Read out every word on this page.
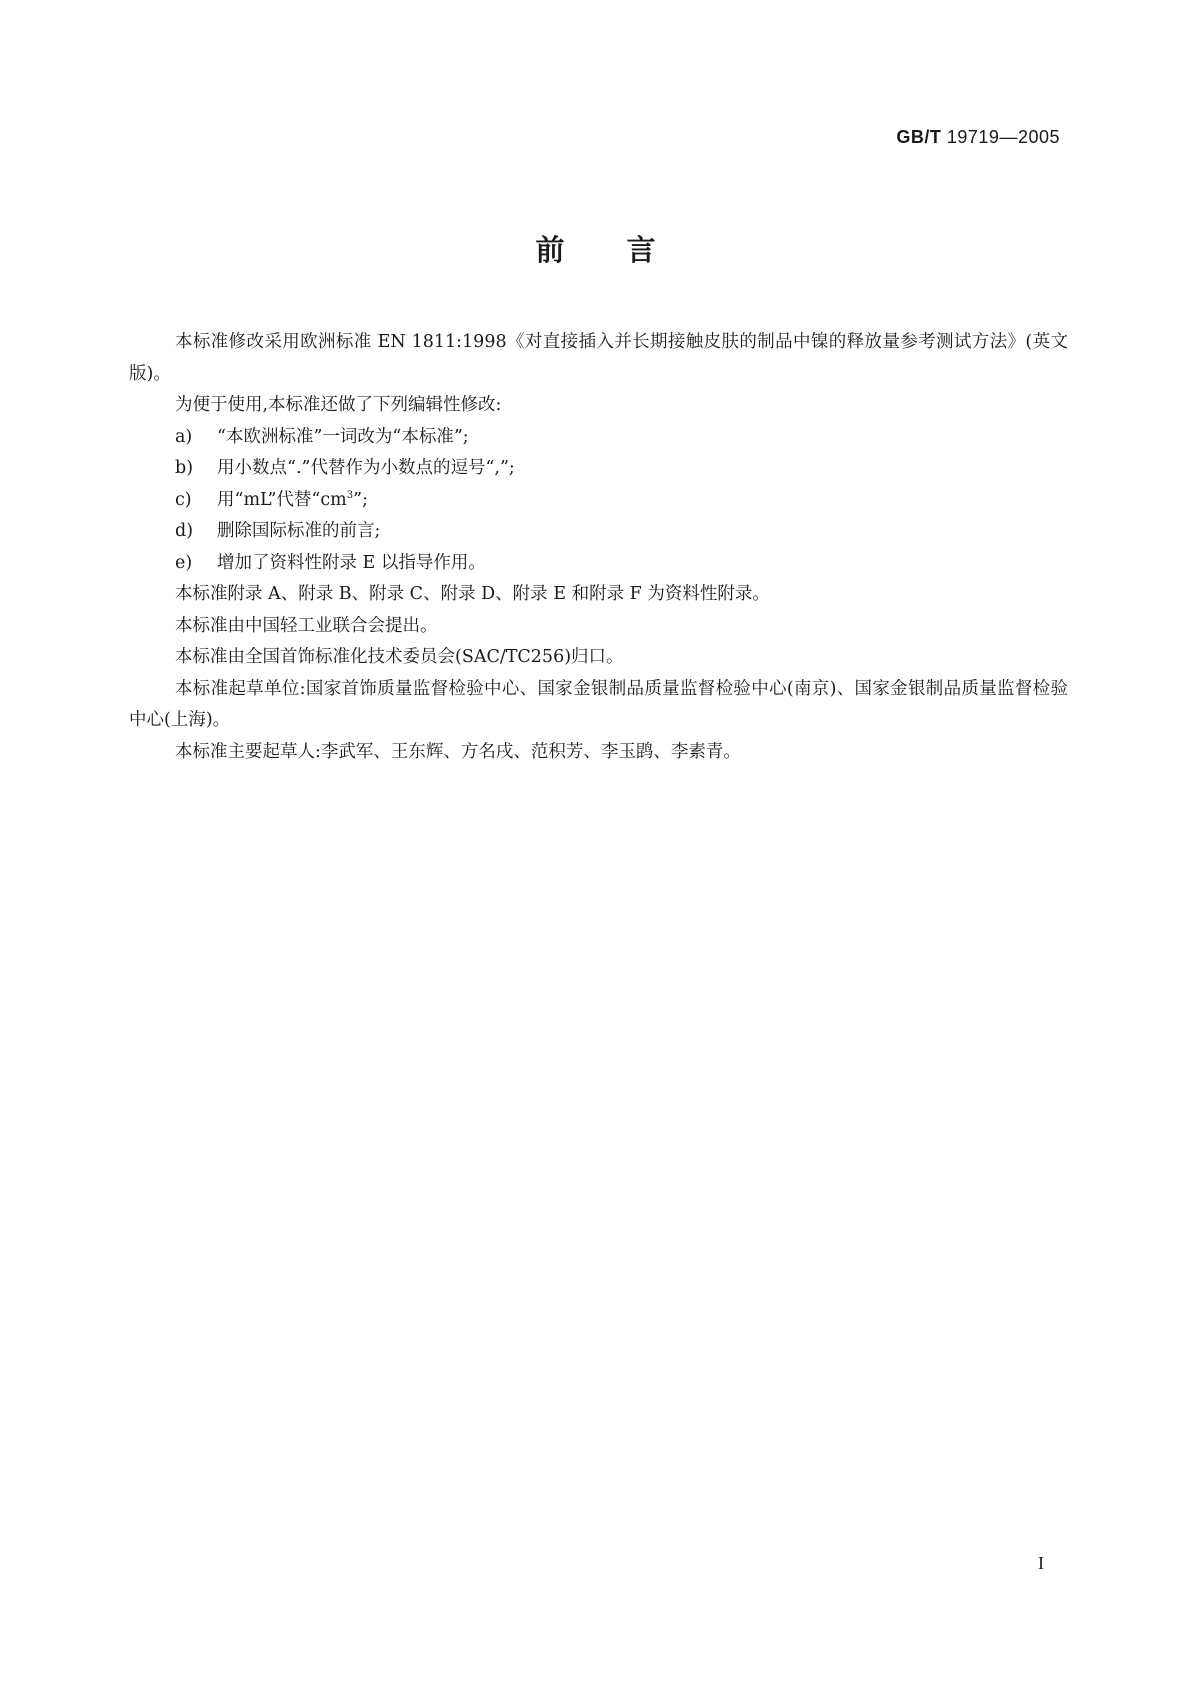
GB/T 19719—2005
前言

本标准修改采用欧洲标准 EN 1811:1998《对直接插入并长期接触皮肤的制品中镍的释放量参考测试方法》(英文版)。

为便于使用,本标准还做了下列编辑性修改:

a)	“本欧洲标准”一词改为“本标准”;
b)	用小数点“.”代替作为小数点的逗号“,”;
c)	用“mL”代替“$cm^3$”;
d)	删除国际标准的前言;
e)	增加了资料性附录 E 以指导作用。

本标准附录 A、附录 B、附录 C、附录 D、附录 E 和附录 F 为资料性附录。

本标准由中国轻工业联合会提出。

本标准由全国首饰标准化技术委员会(SAC/TC256)归口。

本标准起草单位:国家首饰质量监督检验中心、国家金银制品质量监督检验中心(南京)、国家金银制品质量监督检验中心(上海)。

本标准主要起草人:李武军、王东辉、方名戌、范积芳、李玉鹍、李素青。

I
